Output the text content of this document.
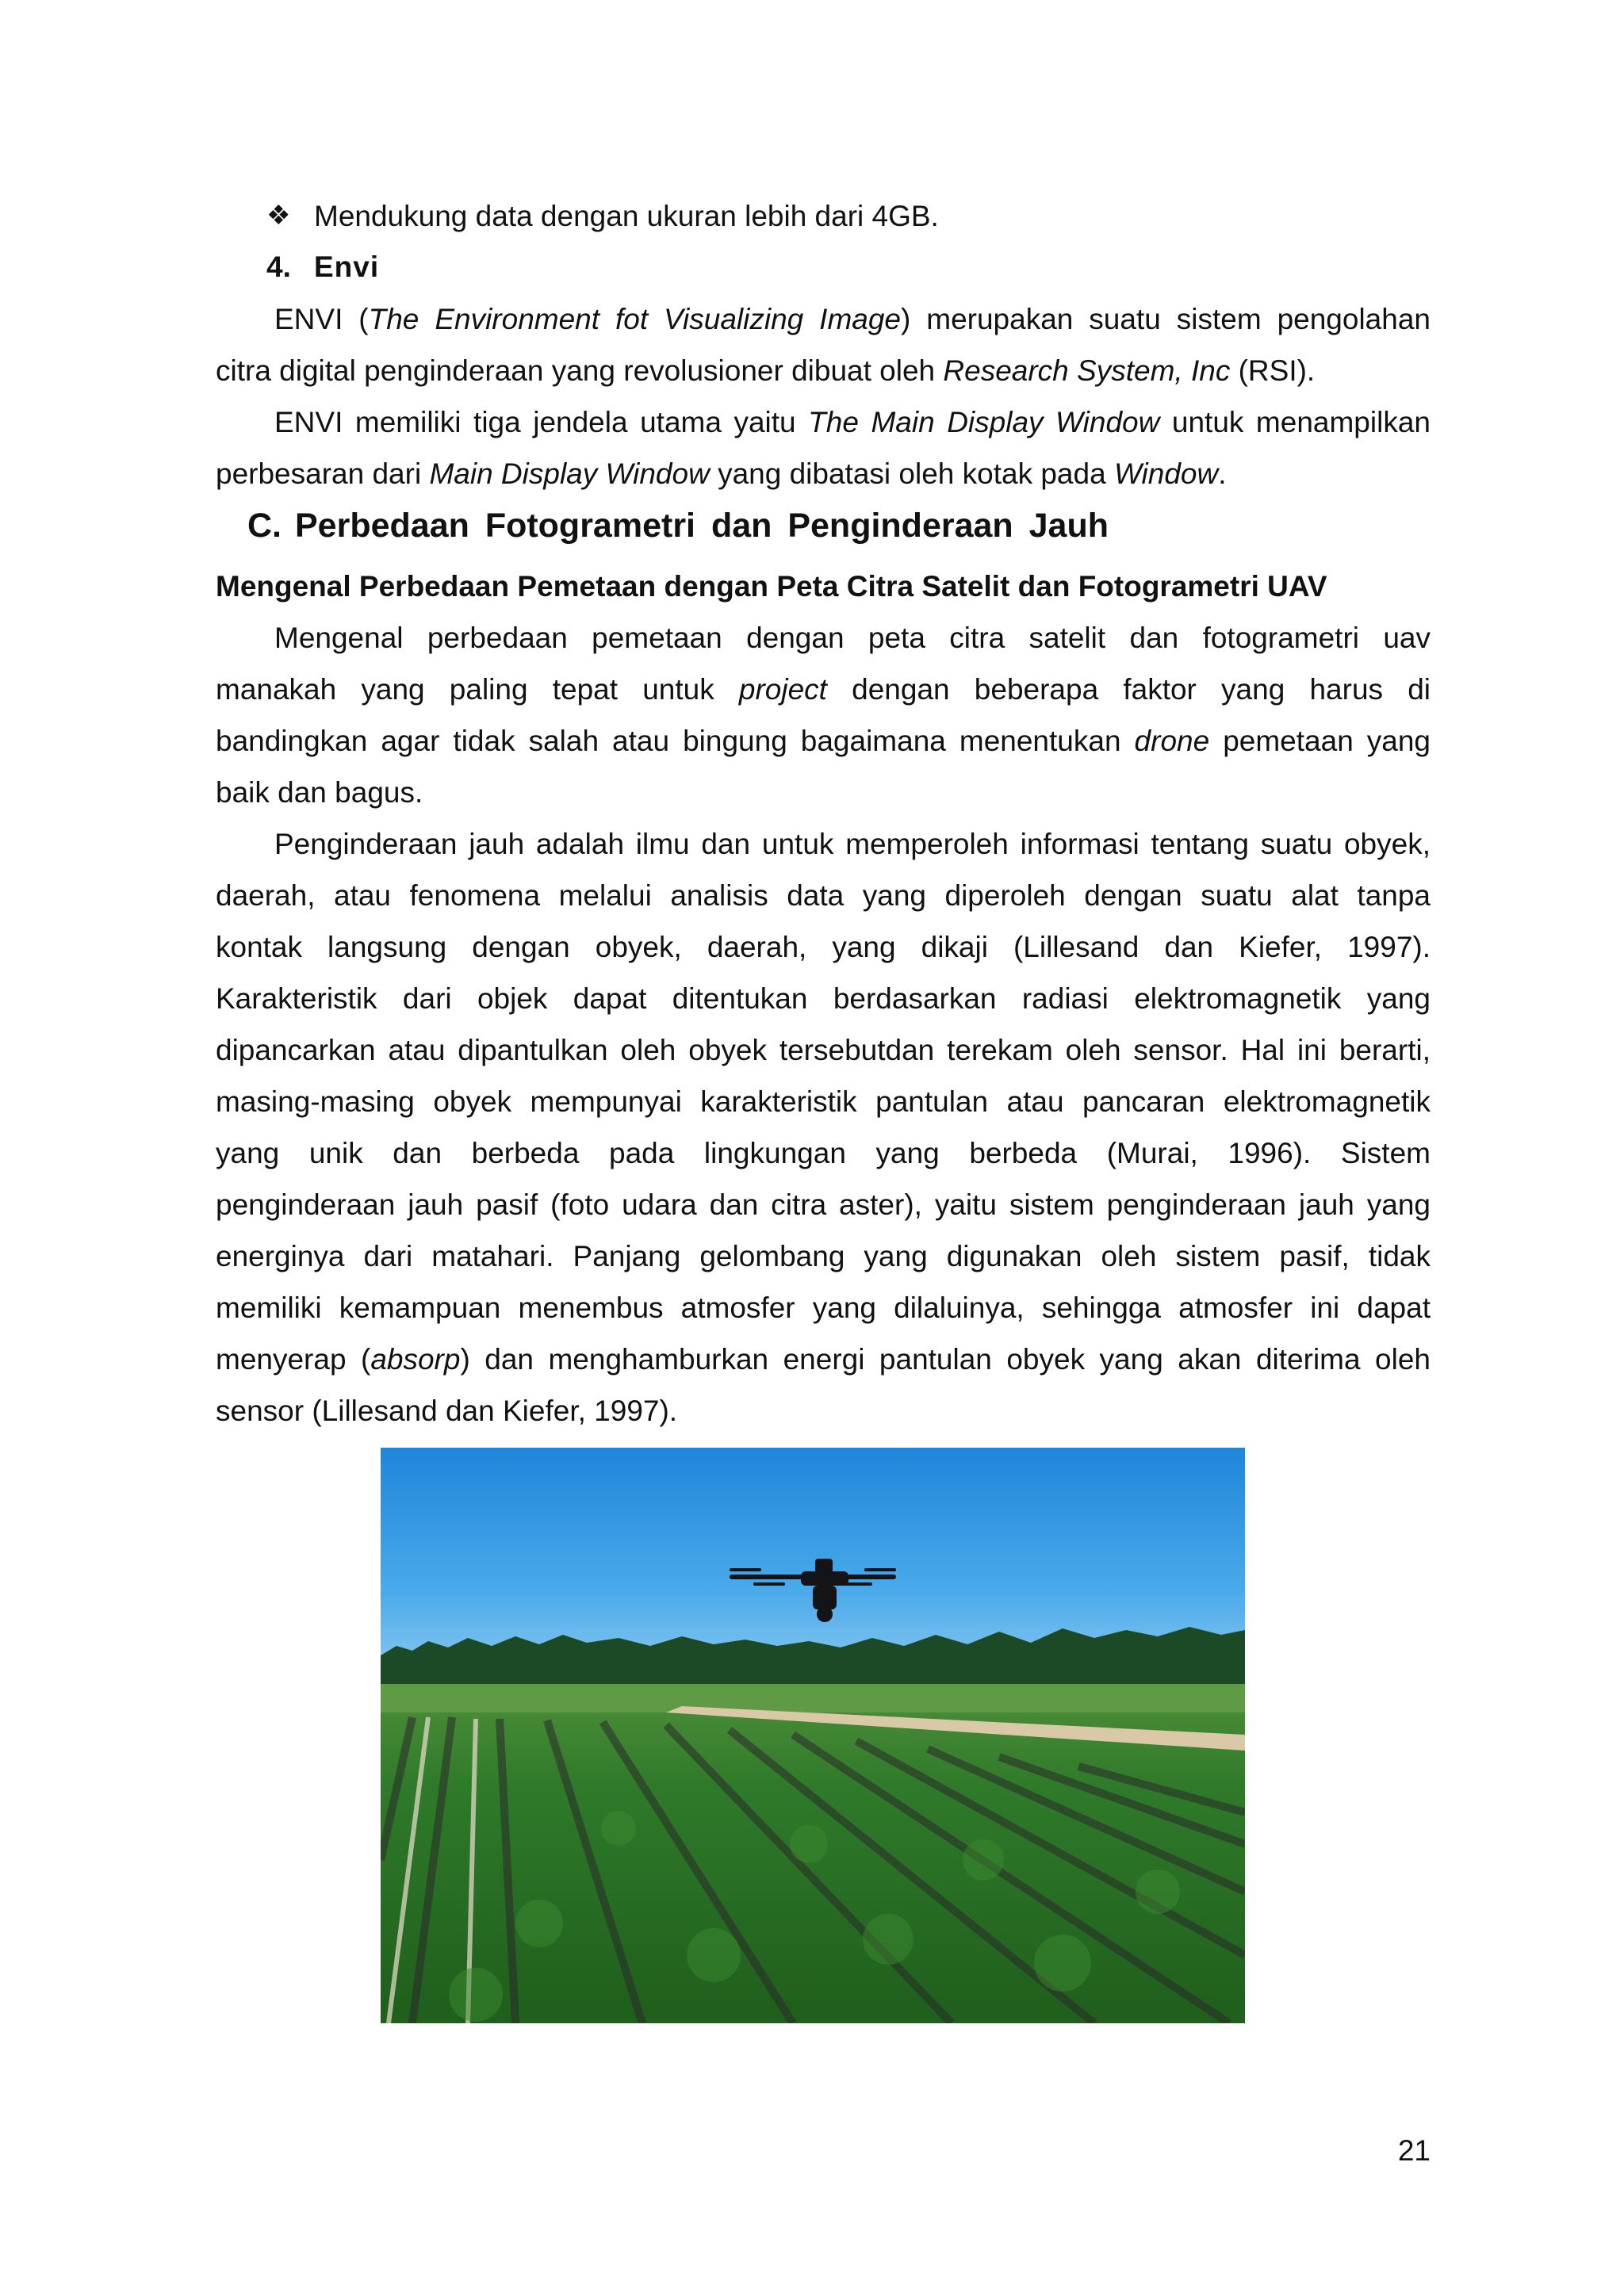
❖ Mendukung data dengan ukuran lebih dari 4GB.
4. Envi
ENVI (The Environment fot Visualizing Image) merupakan suatu sistem pengolahan
citra digital penginderaan yang revolusioner dibuat oleh Research System, Inc (RSI).
ENVI memiliki tiga jendela utama yaitu The Main Display Window untuk menampilkan
perbesaran dari Main Display Window yang dibatasi oleh kotak pada Window.
C. Perbedaan Fotogrametri dan Penginderaan Jauh
Mengenal Perbedaan Pemetaan dengan Peta Citra Satelit dan Fotogrametri UAV
Mengenal perbedaan pemetaan dengan peta citra satelit dan fotogrametri uav
manakah yang paling tepat untuk project dengan beberapa faktor yang harus di
bandingkan agar tidak salah atau bingung bagaimana menentukan drone pemetaan yang
baik dan bagus.
Penginderaan jauh adalah ilmu dan untuk memperoleh informasi tentang suatu obyek,
daerah, atau fenomena melalui analisis data yang diperoleh dengan suatu alat tanpa
kontak langsung dengan obyek, daerah, yang dikaji (Lillesand dan Kiefer, 1997).
Karakteristik dari objek dapat ditentukan berdasarkan radiasi elektromagnetik yang
dipancarkan atau dipantulkan oleh obyek tersebutdan terekam oleh sensor. Hal ini berarti,
masing-masing obyek mempunyai karakteristik pantulan atau pancaran elektromagnetik
yang unik dan berbeda pada lingkungan yang berbeda (Murai, 1996). Sistem
penginderaan jauh pasif (foto udara dan citra aster), yaitu sistem penginderaan jauh yang
energinya dari matahari. Panjang gelombang yang digunakan oleh sistem pasif, tidak
memiliki kemampuan menembus atmosfer yang dilaluinya, sehingga atmosfer ini dapat
menyerap (absorp) dan menghamburkan energi pantulan obyek yang akan diterima oleh
sensor (Lillesand dan Kiefer, 1997).
21
